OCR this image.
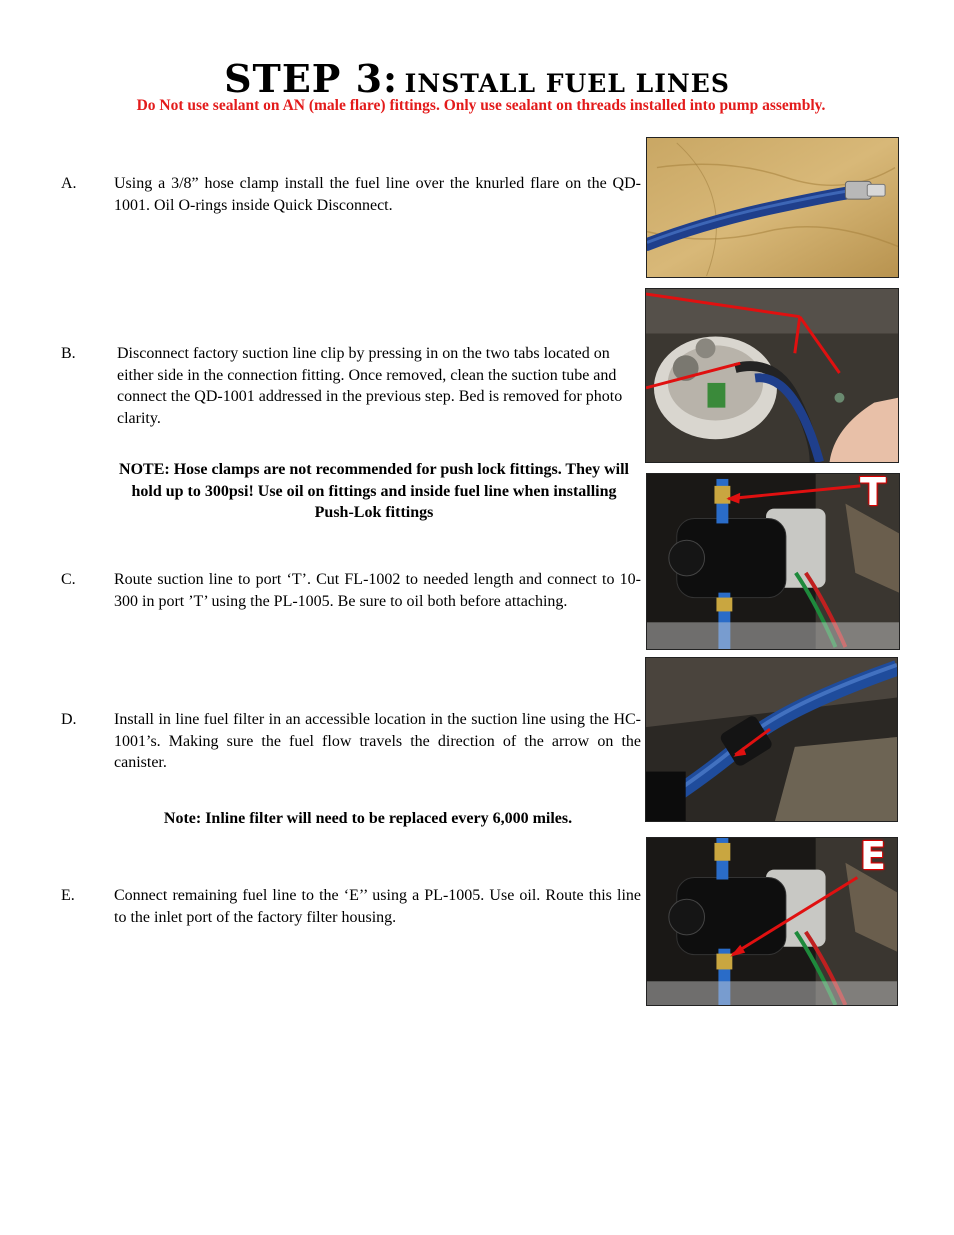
STEP 3: INSTALL FUEL LINES
Do Not use sealant on AN (male flare) fittings. Only use sealant on threads installed into pump assembly.
A. Using a 3/8” hose clamp install the fuel line over the knurled flare on the QD-1001. Oil O-rings inside Quick Disconnect.
B.	Disconnect factory suction line clip by pressing in on the two tabs located on either side in the connection fitting. Once removed, clean the suction tube and connect the QD-1001 addressed in the previous step. Bed is removed for photo clarity.
NOTE: Hose clamps are not recommended for push lock fittings. They will hold up to 300psi! Use oil on fittings and inside fuel line when installing Push-Lok fittings
C. Route suction line to port ‘T’. Cut FL-1002 to needed length and connect to 10-300 in port ’T’ using the PL-1005. Be sure to oil both before attaching.
D. Install in line fuel filter in an accessible location in the suction line using the HC-1001’s. Making sure the fuel flow travels the direction of the arrow on the canister.
Note: Inline filter will need to be replaced every 6,000 miles.
E. Connect remaining fuel line to the ‘E’’ using a PL-1005. Use oil. Route this line to the inlet port of the factory filter housing.
T
E
